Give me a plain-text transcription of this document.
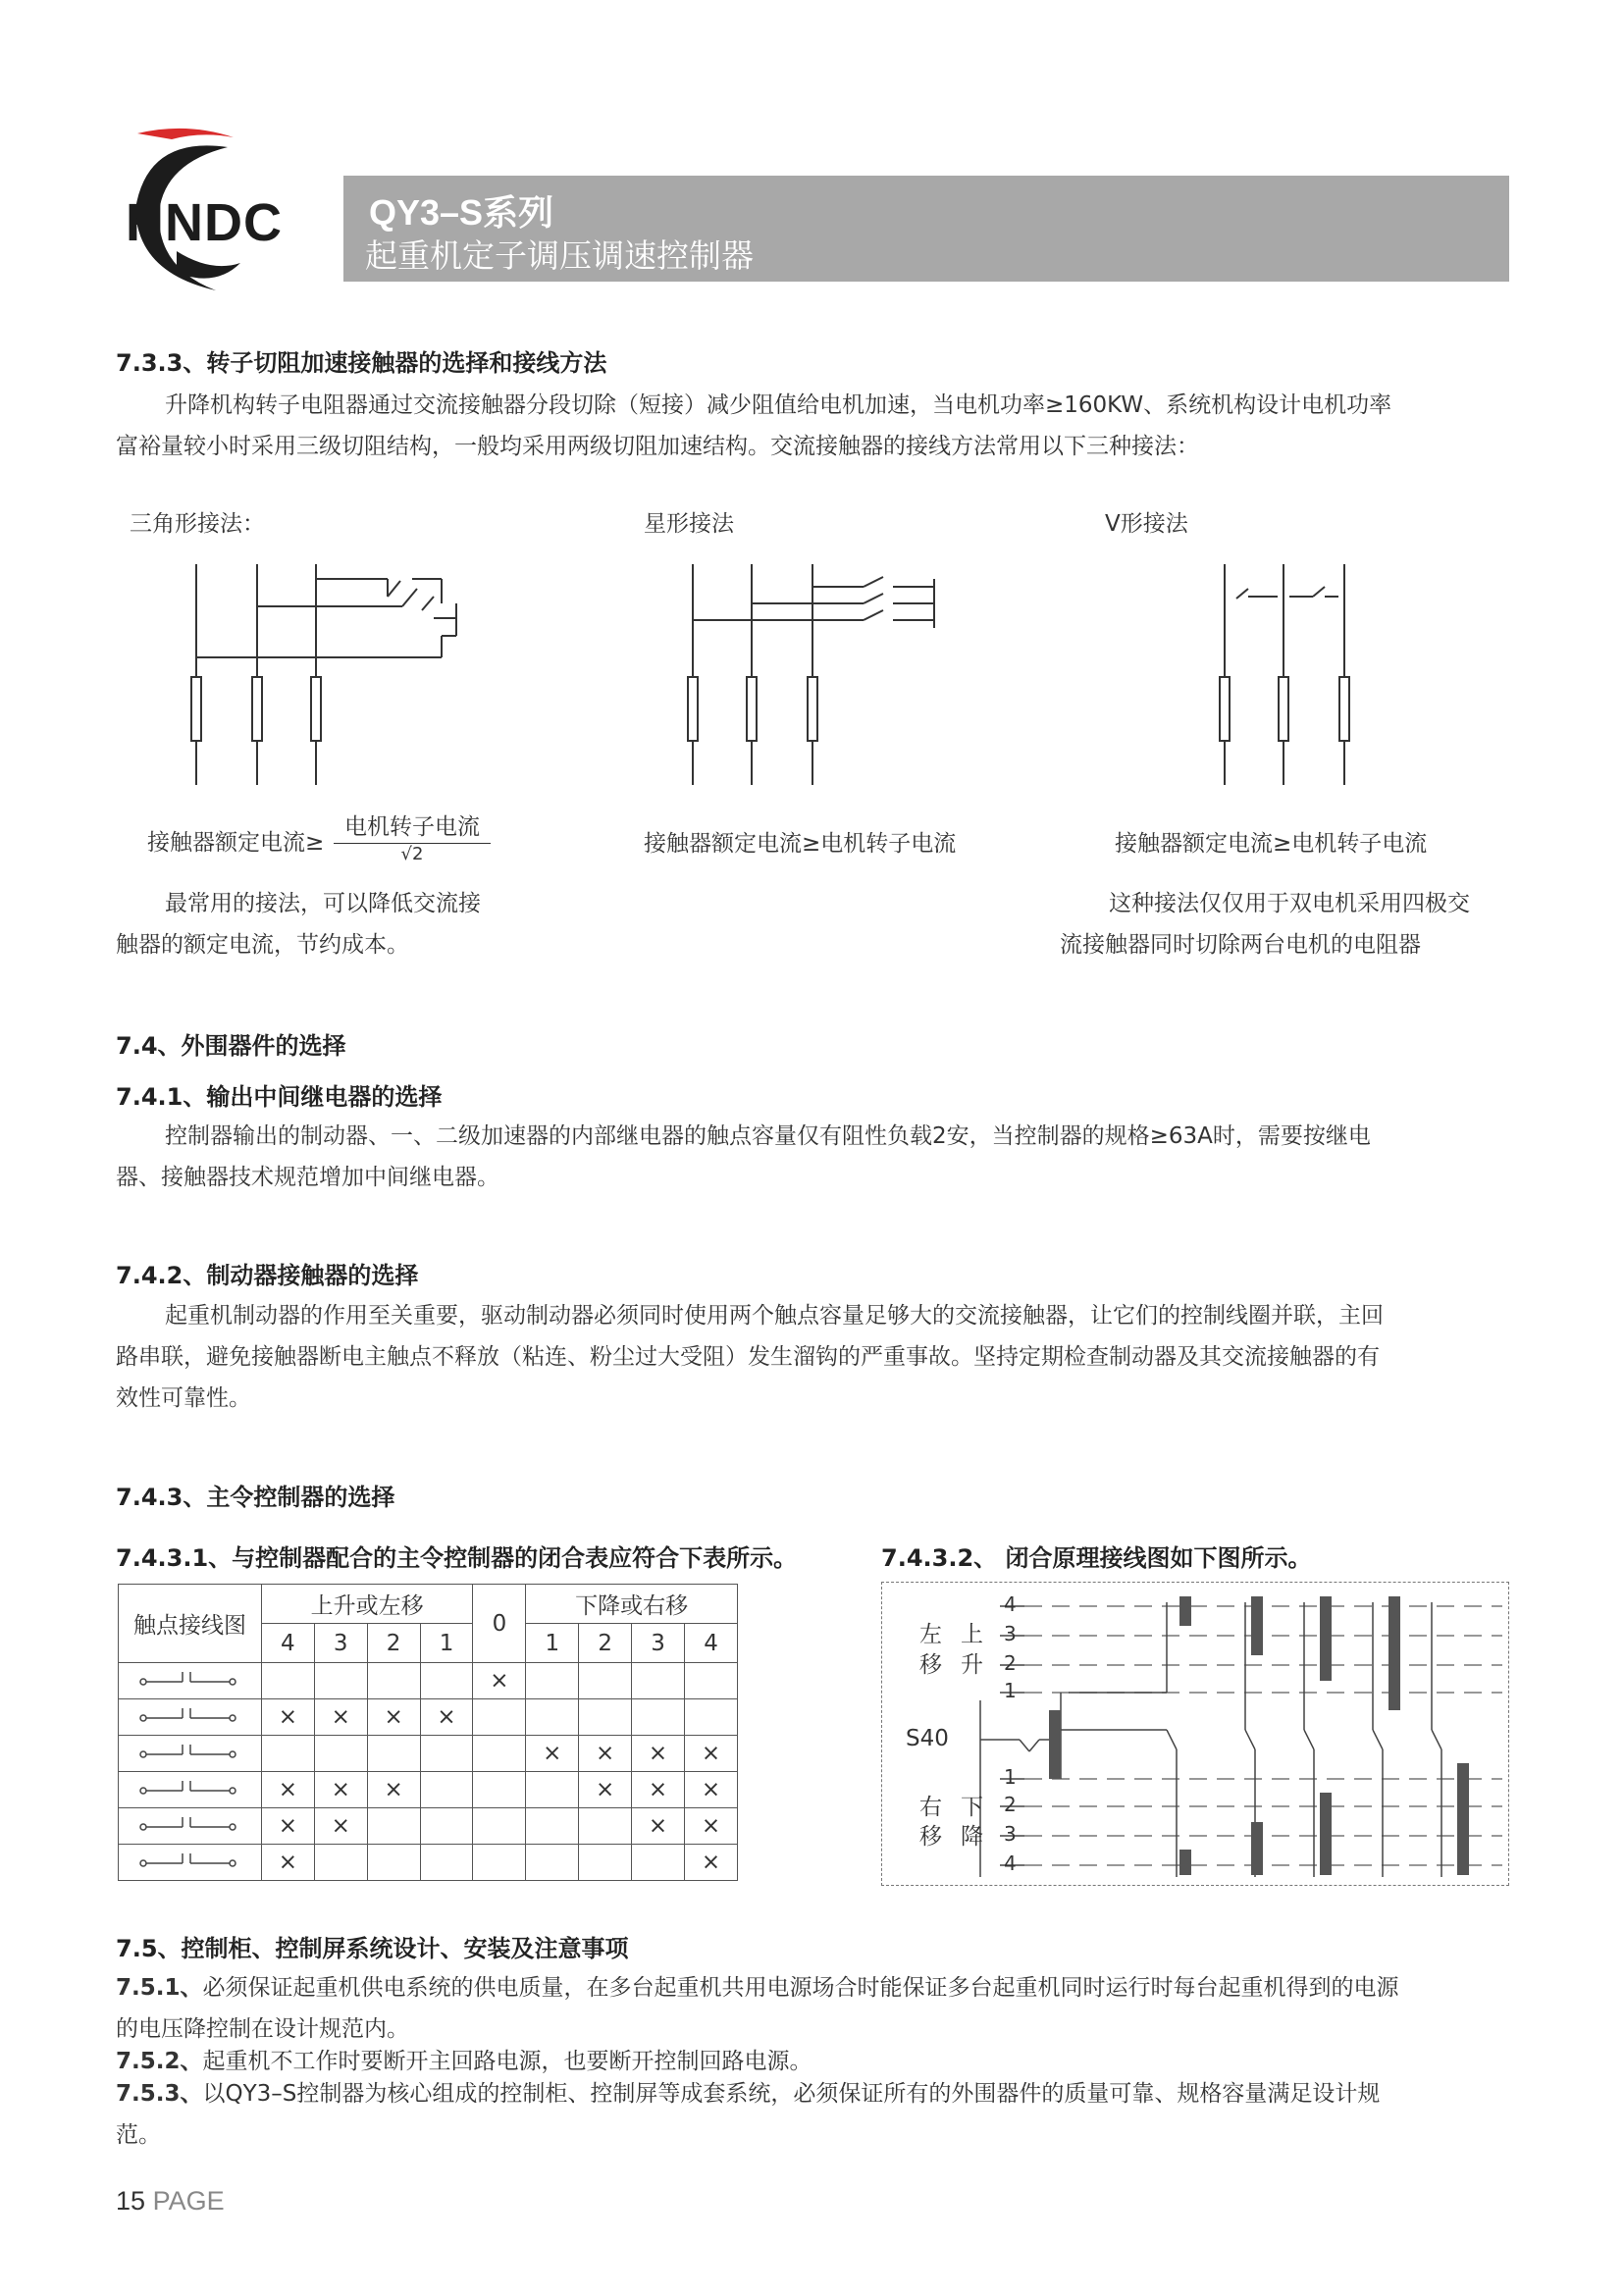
HNDC QY3–S系列
起重机定子调压调速控制器
7.3.3、转子切阻加速接触器的选择和接线方法
升降机构转子电阻器通过交流接触器分段切除（短接）减少阻值给电机加速，当电机功率≥160KW、系统机构设计电机功率
富裕量较小时采用三级切阻结构，一般均采用两级切阻加速结构。交流接触器的接线方法常用以下三种接法：
三角形接法：	星形接法	V形接法
接触器额定电流≥
电机转子电流
√2	接触器额定电流≥电机转子电流	接触器额定电流≥电机转子电流
最常用的接法，可以降低交流接
触器的额定电流，节约成本。
这种接法仅仅用于双电机采用四极交
流接触器同时切除两台电机的电阻器
7.4、外围器件的选择
7.4.1、输出中间继电器的选择
控制器输出的制动器、一、二级加速器的内部继电器的触点容量仅有阻性负载2安，当控制器的规格≥63A时，需要按继电
器、接触器技术规范增加中间继电器。
7.4.2、制动器接触器的选择
起重机制动器的作用至关重要，驱动制动器必须同时使用两个触点容量足够大的交流接触器，让它们的控制线圈并联，主回
路串联，避免接触器断电主触点不释放（粘连、粉尘过大受阻）发生溜钩的严重事故。坚持定期检查制动器及其交流接触器的有
效性可靠性。
7.4.3、主令控制器的选择
7.4.3.1、与控制器配合的主令控制器的闭合表应符合下表所示。	7.4.3.2、 闭合原理接线图如下图所示。
触点接线图	上升或左移				0	下降或右移			
	4	3	2	1		1	2	3	4
					×				
	×	×	×	×					
						×	×	×	×
	×	×	×				×	×	×
	×	×						×	×
	×								×
左
移
上
升
S40
右
移
下
降
4
3
2
1
1
2
3
4
7.5、控制柜、控制屏系统设计、安装及注意事项
7.5.1、必须保证起重机供电系统的供电质量，在多台起重机共用电源场合时能保证多台起重机同时运行时每台起重机得到的电源
的电压降控制在设计规范内。
7.5.2、起重机不工作时要断开主回路电源，也要断开控制回路电源。
7.5.3、以QY3–S控制器为核心组成的控制柜、控制屏等成套系统，必须保证所有的外围器件的质量可靠、规格容量满足设计规
范。
15 PAGE
